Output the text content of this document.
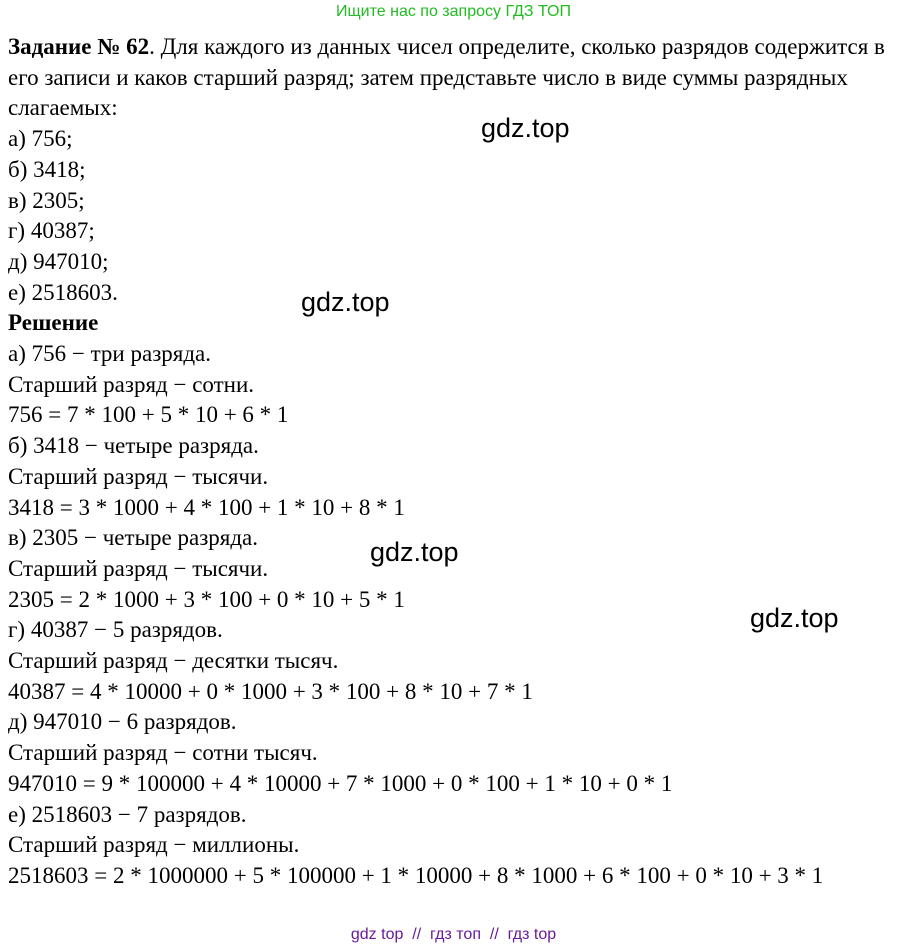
Ищите нас по запросу ГДЗ ТОП

Задание № 62. Для каждого из данных чисел определите, сколько разрядов содержится в его записи и каков старший разряд; затем представьте число в виде суммы разрядных слагаемых:

а) 756;

б) 3418;

в) 2305;

г) 40387;

д) 947010;

е) 2518603.

Решение

а) 756 − три разряда.

Старший разряд − сотни.

756 = 7 * 100 + 5 * 10 + 6 * 1

б) 3418 − четыре разряда.

Старший разряд − тысячи.

3418 = 3 * 1000 + 4 * 100 + 1 * 10 + 8 * 1

в) 2305 − четыре разряда.

Старший разряд − тысячи.

2305 = 2 * 1000 + 3 * 100 + 0 * 10 + 5 * 1

г) 40387 − 5 разрядов.

Старший разряд − десятки тысяч.

40387 = 4 * 10000 + 0 * 1000 + 3 * 100 + 8 * 10 + 7 * 1

д) 947010 − 6 разрядов.

Старший разряд − сотни тысяч.

947010 = 9 * 100000 + 4 * 10000 + 7 * 1000 + 0 * 100 + 1 * 10 + 0 * 1

е) 2518603 − 7 разрядов.

Старший разряд − миллионы.

2518603 = 2 * 1000000 + 5 * 100000 + 1 * 10000 + 8 * 1000 + 6 * 100 + 0 * 10 + 3 * 1

gdz.top
gdz.top
gdz.top
gdz.top
gdz top  //  гдз топ  //  гдз top
